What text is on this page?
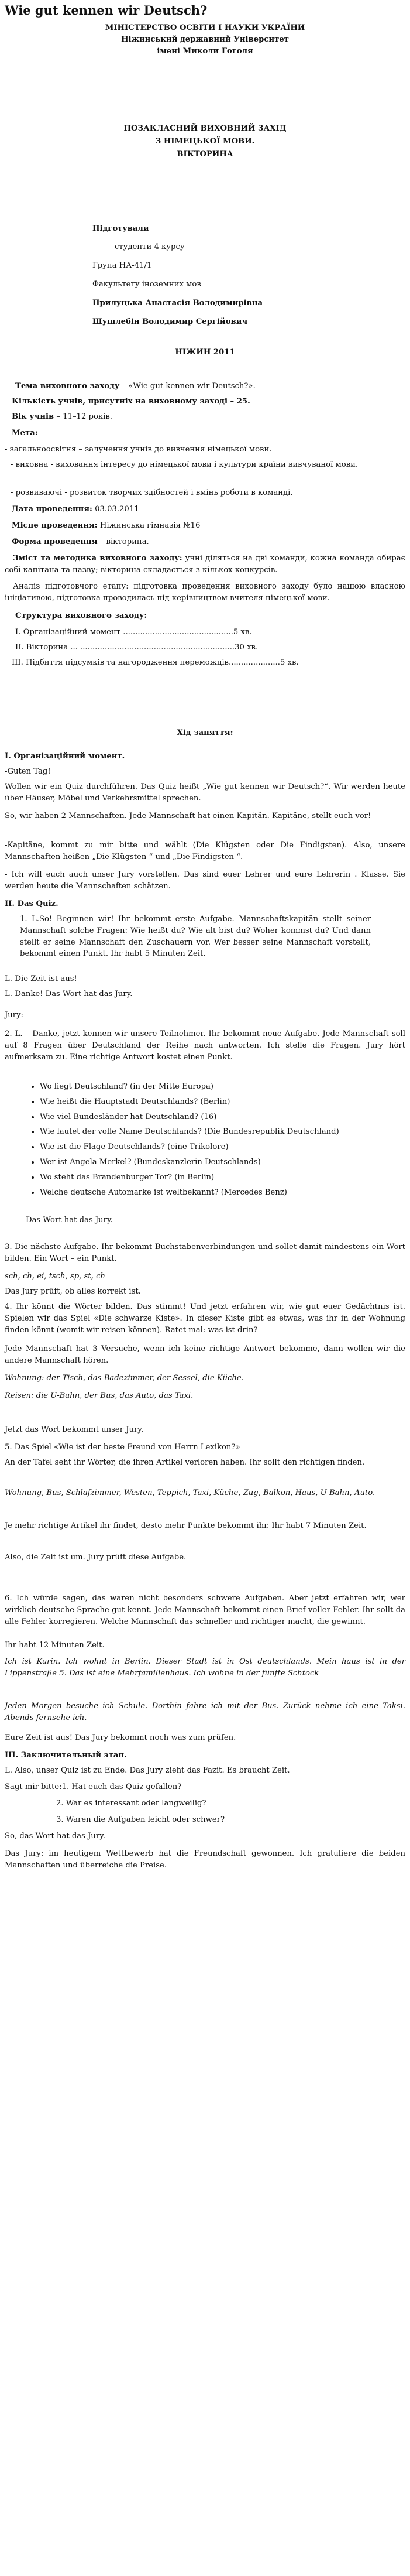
Wie gut kennen wir Deutsch?
МІНІСТЕРСТВО ОСВІТИ І НАУКИ УКРАЇНИ
Ніжинський державний Університет
імені Миколи Гоголя
ПОЗАКЛАСНИЙ ВИХОВНИЙ ЗАХІД
З НІМЕЦЬКОЇ МОВИ.
ВІКТОРИНА
Підготували
студенти 4 курсу
Група НА-41/1
Факультету іноземних мов
Прилуцька Анастасія Володимирівна
Шушлебін Володимир Сергійович
НІЖИН 2011
Тема виховного заходу – «Wie gut kennen wir Deutsch?».
Кількість учнів, присутніх на виховному заході – 25.
Вік учнів – 11–12 років.
Мета:
- загальноосвітня – залучення учнів до вивчення німецької мови.
- виховна - виховання інтересу до німецької мови і культури країни вивчуваної мови.
- розвиваючі - розвиток творчих здібностей і вмінь роботи в команді.
Дата проведення: 03.03.2011
Місце проведення: Ніжинська гімназія №16
Форма проведення – вікторина.
Зміст та методика виховного заходу: учні діляться на дві команди, кожна команда обирає собі капітана та назву; вікторина складається з кількох конкурсів.
Аналіз підготовчого етапу: підготовка проведення виховного заходу було нашою власною ініціативою, підготовка проводилась під керівництвом вчителя німецької мови.
Структура виховного заходу:
І. Організаційний момент .............................................5 хв.
ІІ. Вікторина ... ...............................................................30 хв.
ІІІ. Підбиття підсумків та нагородження переможців.....................5 хв.
Хід заняття:
І. Організаційний момент.
-Guten Tag!
Wollen wir ein Quiz durchführen. Das Quiz heißt „Wie gut kennen wir Deutsch?“. Wir werden heute über Häuser, Möbel und Verkehrsmittel sprechen.
So, wir haben 2 Mannschaften. Jede Mannschaft hat einen Kapitän. Kapitäne, stellt euch vor!
-Kapitäne, kommt zu mir bitte und wählt (Die Klügsten oder Die Findigsten). Also, unsere Mannschaften heißen „Die Klügsten “ und „Die Findigsten “.
- Ich will euch auch unser Jury vorstellen. Das sind euer Lehrer und eure Lehrerin . Klasse. Sie werden heute die Mannschaften schätzen.
ІІ. Das Quiz.
1. L.So! Beginnen wir! Ihr bekommt erste Aufgabe. Mannschaftskapitän stellt seiner Mannschaft solche Fragen: Wie heißt du? Wie alt bist du? Woher kommst du? Und dann stellt er seine Mannschaft den Zuschauern vor. Wer besser seine Mannschaft vorstellt, bekommt einen Punkt. Ihr habt 5 Minuten Zeit.
L.-Die Zeit ist aus!
L.-Danke! Das Wort hat das Jury.
Jury:
2. L. – Danke, jetzt kennen wir unsere Teilnehmer. Ihr bekommt neue Aufgabe. Jede Mannschaft soll auf 8 Fragen über Deutschland der Reihe nach antworten. Ich stelle die Fragen. Jury hört aufmerksam zu. Eine richtige Antwort kostet einen Punkt.
• Wo liegt Deutschland? (in der Mitte Europa)
• Wie heißt die Hauptstadt Deutschlands? (Berlin)
• Wie viel Bundesländer hat Deutschland? (16)
• Wie lautet der volle Name Deutschlands? (Die Bundesrepublik Deutschland)
• Wie ist die Flage Deutschlands? (eine Trikolore)
• Wer ist Angela Merkel? (Bundeskanzlerin Deutschlands)
• Wo steht das Brandenburger Tor? (in Berlin)
• Welche deutsche Automarke ist weltbekannt? (Mercedes Benz)
Das Wort hat das Jury.
3. Die nächste Aufgabe. Ihr bekommt Buchstabenverbindungen und sollet damit mindestens ein Wort bilden. Ein Wort – ein Punkt.
sch, ch, ei, tsch, sp, st, ch
Das Jury prüft, ob alles korrekt ist.
4. Ihr könnt die Wörter bilden. Das stimmt! Und jetzt erfahren wir, wie gut euer Gedächtnis ist. Spielen wir das Spiel «Die schwarze Kiste». In dieser Kiste gibt es etwas, was ihr in der Wohnung finden könnt (womit wir reisen können). Ratet mal: was ist drin?
Jede Mannschaft hat 3 Versuche, wenn ich keine richtige Antwort bekomme, dann wollen wir die andere Mannschaft hören.
Wohnung: der Tisch, das Badezimmer, der Sessel, die Küche.
Reisen: die U-Bahn, der Bus, das Auto, das Taxi.
Jetzt das Wort bekommt unser Jury.
5. Das Spiel «Wie ist der beste Freund von Herrn Lexikon?»
An der Tafel seht ihr Wörter, die ihren Artikel verloren haben. Ihr sollt den richtigen finden.
Wohnung, Bus, Schlafzimmer, Westen, Teppich, Taxi, Küche, Zug, Balkon, Haus, U-Bahn, Auto.
Je mehr richtige Artikel ihr findet, desto mehr Punkte bekommt ihr. Ihr habt 7 Minuten Zeit.
Also, die Zeit ist um. Jury prüft diese Aufgabe.
6. Ich würde sagen, das waren nicht besonders schwere Aufgaben. Aber jetzt erfahren wir, wer wirklich deutsche Sprache gut kennt. Jede Mannschaft bekommt einen Brief voller Fehler. Ihr sollt da alle Fehler korregieren. Welche Mannschaft das schneller und richtiger macht, die gewinnt.
Ihr habt 12 Minuten Zeit.
Ich ist Karin. Ich wohnt in Berlin. Dieser Stadt ist in Ost deutschlands. Mein haus ist in der Lippenstraße 5. Das ist eine Mehrfamilienhaus. Ich wohne in der fünfte Schtock
Jeden Morgen besuche ich Schule. Dorthin fahre ich mit der Bus. Zurück nehme ich eine Taksi. Abends fernsehe ich.
Eure Zeit ist aus! Das Jury bekommt noch was zum prüfen.
ІІІ. Заключительный этап.
L. Also, unser Quiz ist zu Ende. Das Jury zieht das Fazit. Es braucht Zeit.
Sagt mir bitte:1. Hat euch das Quiz gefallen?
2. War es interessant oder langweilig?
3. Waren die Aufgaben leicht oder schwer?
So, das Wort hat das Jury.
Das Jury: im heutigem Wettbewerb hat die Freundschaft gewonnen. Ich gratuliere die beiden Mannschaften und überreiche die Preise.
